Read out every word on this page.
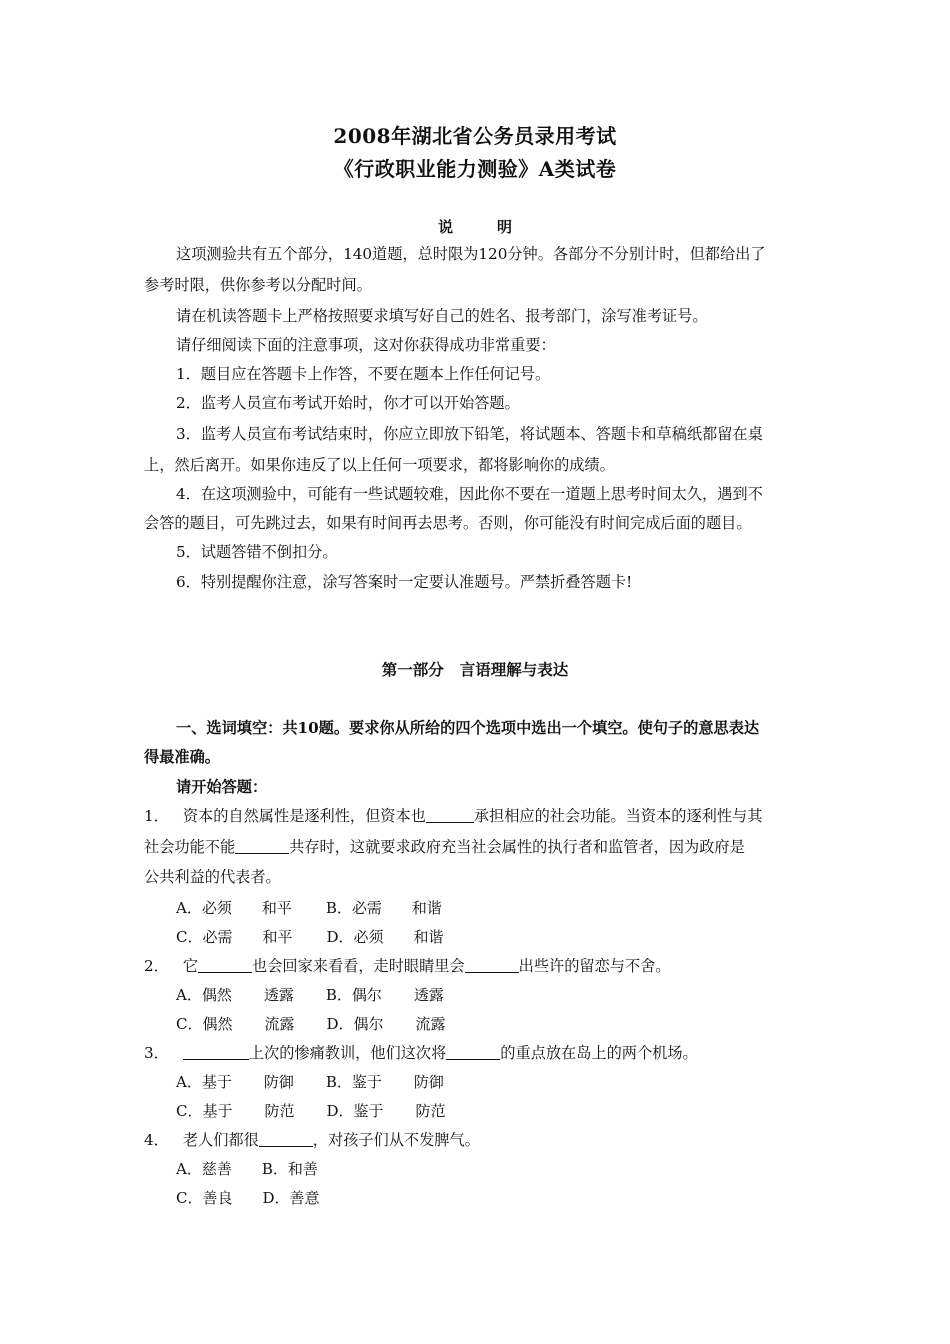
2008年湖北省公务员录用考试
《行政职业能力测验》A类试卷
说	明
这项测验共有五个部分，140道题，总时限为120分钟。各部分不分别计时，但都给出了
参考时限，供你参考以分配时间。
请在机读答题卡上严格按照要求填写好自己的姓名、报考部门，涂写准考证号。
请仔细阅读下面的注意事项，这对你获得成功非常重要：
1．题目应在答题卡上作答，不要在题本上作任何记号。
2．监考人员宣布考试开始时，你才可以开始答题。
3．监考人员宣布考试结束时，你应立即放下铅笔，将试题本、答题卡和草稿纸都留在桌
上，然后离开。如果你违反了以上任何一项要求，都将影响你的成绩。
4．在这项测验中，可能有一些试题较难，因此你不要在一道题上思考时间太久，遇到不
会答的题目，可先跳过去，如果有时间再去思考。否则，你可能没有时间完成后面的题目。
5．试题答错不倒扣分。
6．特别提醒你注意，涂写答案时一定要认准题号。严禁折叠答题卡!
第一部分 言语理解与表达
一、选词填空：共10题。要求你从所给的四个选项中选出一个填空。使句子的意思表达
得最准确。
请开始答题：
1． 资本的自然属性是逐利性，但资本也	承担相应的社会功能。当资本的逐利性与其
社会功能不能	共存时，这就要求政府充当社会属性的执行者和监管者，因为政府是
公共利益的代表者。
A．必须 和平 B．必需 和谐
C．必需 和平 D．必须 和谐
2． 它	也会回家来看看，走时眼睛里会	出些许的留恋与不舍。
A．偶然 透露 B．偶尔 透露
C．偶然 流露 D．偶尔 流露
3．	上次的惨痛教训，他们这次将	的重点放在岛上的两个机场。
A．基于 防御 B．鉴于 防御
C．基于 防范 D．鉴于 防范
4． 老人们都很	，对孩子们从不发脾气。
A．慈善 B．和善
C．善良 D．善意
